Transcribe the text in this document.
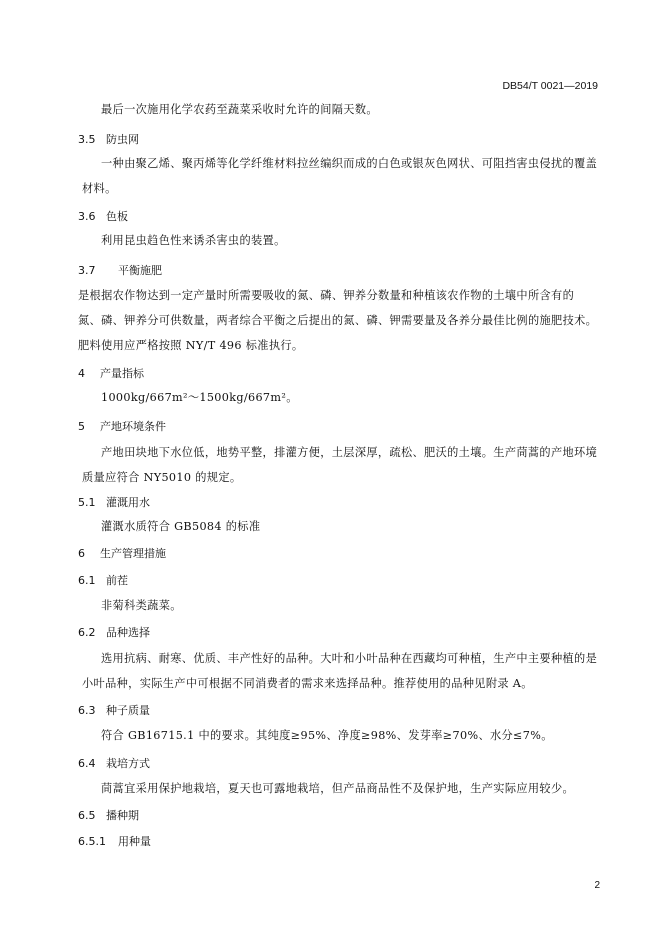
DB54/T 0021—2019
最后一次施用化学农药至蔬菜采收时允许的间隔天数。
3.5 防虫网
一种由聚乙烯、聚丙烯等化学纤维材料拉丝编织而成的白色或银灰色网状、可阻挡害虫侵扰的覆盖
材料。
3.6 色板
利用昆虫趋色性来诱杀害虫的装置。
3.7 平衡施肥
是根据农作物达到一定产量时所需要吸收的氮、磷、钾养分数量和种植该农作物的土壤中所含有的
氮、磷、钾养分可供数量，两者综合平衡之后提出的氮、磷、钾需要量及各养分最佳比例的施肥技术。
肥料使用应严格按照 NY/T 496 标准执行。
4 产量指标
1000kg/667m²～1500kg/667m²。
5 产地环境条件
产地田块地下水位低，地势平整，排灌方便，土层深厚，疏松、肥沃的土壤。生产茼蒿的产地环境
质量应符合 NY5010 的规定。
5.1 灌溉用水
灌溉水质符合 GB5084 的标准
6 生产管理措施
6.1 前茬
非菊科类蔬菜。
6.2 品种选择
选用抗病、耐寒、优质、丰产性好的品种。大叶和小叶品种在西藏均可种植，生产中主要种植的是
小叶品种，实际生产中可根据不同消费者的需求来选择品种。推荐使用的品种见附录 A。
6.3 种子质量
符合 GB16715.1 中的要求。其纯度≥95%、净度≥98%、发芽率≥70%、水分≤7%。
6.4 栽培方式
茼蒿宜采用保护地栽培，夏天也可露地栽培，但产品商品性不及保护地，生产实际应用较少。
6.5 播种期
6.5.1 用种量
2
